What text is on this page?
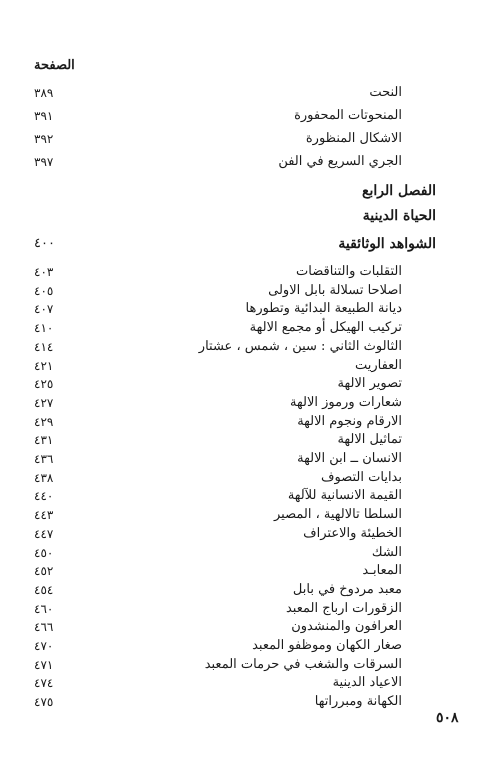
الصفحة
النحت
٣٨٩
المنحوتات المحفورة
٣٩١
الاشكال المنظورة
٣٩٢
الجري السريع في الفن
٣٩٧
الفصل الرابع
الحياة الدينية
الشواهد الوثائقية
٤٠٠
التقلبات والتناقضات
٤٠٣
اصلاحا تسلالة بابل الاولى
٤٠٥
ديانة الطبيعة البدائية وتطورها
٤٠٧
تركيب الهيكل أو مجمع الالهة
٤١٠
الثالوث الثاني : سين ، شمس ، عشتار
٤١٤
العفاريت
٤٢١
تصوير الالهة
٤٢٥
شعارات ورموز الالهة
٤٢٧
الارقام ونجوم الالهة
٤٢٩
تماثيل الالهة
٤٣١
الانسان ــ ابن الالهة
٤٣٦
بدايات التصوف
٤٣٨
القيمة الانسانية للآلهة
٤٤٠
السلطا تالالهية ، المصير
٤٤٣
الخطيئة والاعتراف
٤٤٧
الشك
٤٥٠
المعابـد
٤٥٢
معبد مردوخ في بابل
٤٥٤
الزقورات ارباج المعبد
٤٦٠
العرافون والمنشدون
٤٦٦
صغار الكهان وموظفو المعبد
٤٧٠
السرقات والشغب في حرمات المعبد
٤٧١
الاعياد الدينية
٤٧٤
الكهانة ومبرراتها
٤٧٥
٥٠٨
